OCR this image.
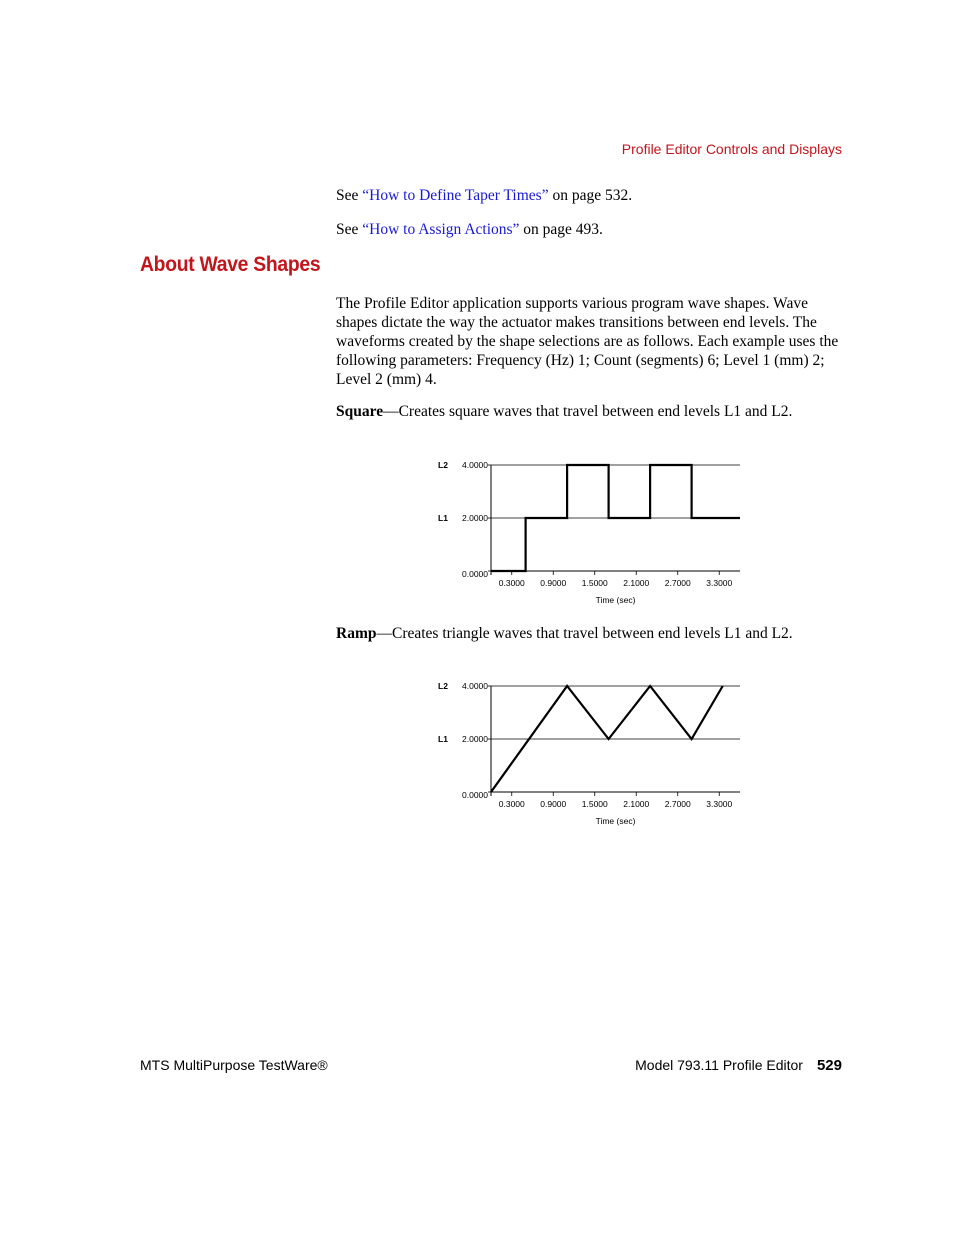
Profile Editor Controls and Displays

See “How to Define Taper Times” on page 532.

See “How to Assign Actions” on page 493.

About Wave Shapes

The Profile Editor application supports various program wave shapes. Wave shapes dictate the way the actuator makes transitions between end levels. The waveforms created by the shape selections are as follows. Each example uses the following parameters: Frequency (Hz) 1; Count (segments) 6; Level 1 (mm) 2; Level 2 (mm) 4.

Square—Creates square waves that travel between end levels L1 and L2.

L1
L2
0.0000
2.0000
4.0000
0.3000 0.9000 1.5000 2.1000 2.7000 3.3000
Time (sec)

Ramp—Creates triangle waves that travel between end levels L1 and L2.

L1
L2
0.0000
2.0000
4.0000
0.3000 0.9000 1.5000 2.1000 2.7000 3.3000
Time (sec)
MTS MultiPurpose TestWare®	Model 793.11 Profile Editor 529
